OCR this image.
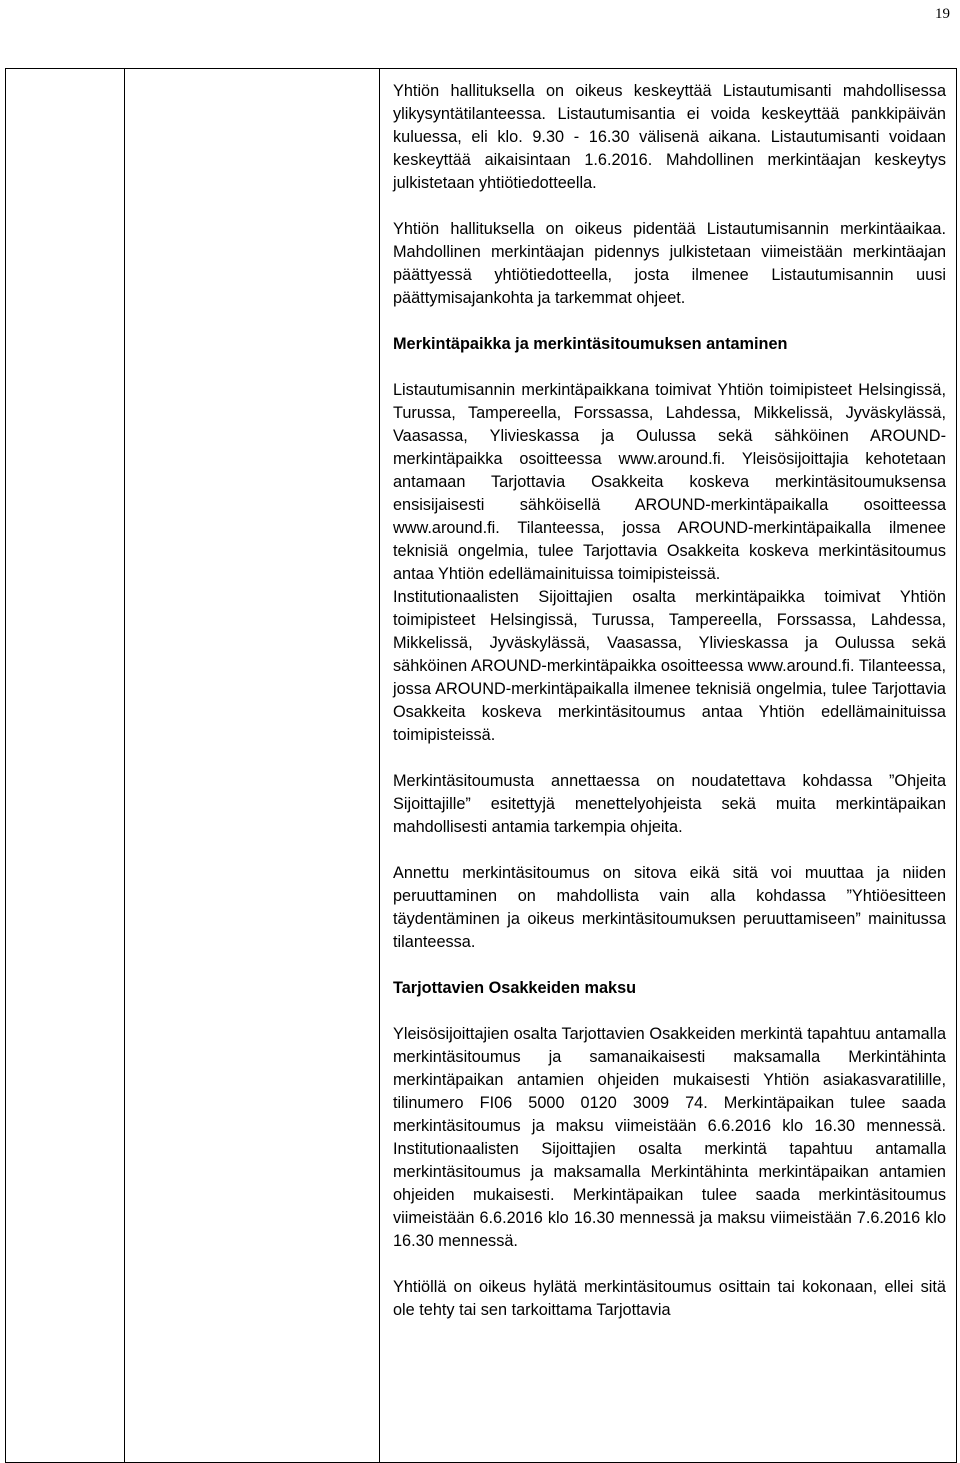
19

Yhtiön hallituksella on oikeus keskeyttää Listautumisanti mahdollisessa ylikysyntätilanteessa. Listautumisantia ei voida keskeyttää pankkipäivän kuluessa, eli klo. 9.30 - 16.30 välisenä aikana. Listautumisanti voidaan keskeyttää aikaisintaan 1.6.2016. Mahdollinen merkintäajan keskeytys julkistetaan yhtiötiedotteella.

Yhtiön hallituksella on oikeus pidentää Listautumisannin merkintäaikaa. Mahdollinen merkintäajan pidennys julkistetaan viimeistään merkintäajan päättyessä yhtiötiedotteella, josta ilmenee Listautumisannin uusi päättymisajankohta ja tarkemmat ohjeet.

Merkintäpaikka ja merkintäsitoumuksen antaminen

Listautumisannin merkintäpaikkana toimivat Yhtiön toimipisteet Helsingissä, Turussa, Tampereella, Forssassa, Lahdessa, Mikkelissä, Jyväskylässä, Vaasassa, Ylivieskassa ja Oulussa sekä sähköinen AROUND-merkintäpaikka osoitteessa www.around.fi. Yleisösijoittajia kehotetaan antamaan Tarjottavia Osakkeita koskeva merkintäsitoumuksensa ensisijaisesti sähköisellä AROUND-merkintäpaikalla osoitteessa www.around.fi. Tilanteessa, jossa AROUND-merkintäpaikalla ilmenee teknisiä ongelmia, tulee Tarjottavia Osakkeita koskeva merkintäsitoumus antaa Yhtiön edellämainituissa toimipisteissä.

Institutionaalisten Sijoittajien osalta merkintäpaikka toimivat Yhtiön toimipisteet Helsingissä, Turussa, Tampereella, Forssassa, Lahdessa, Mikkelissä, Jyväskylässä, Vaasassa, Ylivieskassa ja Oulussa sekä sähköinen AROUND-merkintäpaikka osoitteessa www.around.fi. Tilanteessa, jossa AROUND-merkintäpaikalla ilmenee teknisiä ongelmia, tulee Tarjottavia Osakkeita koskeva merkintäsitoumus antaa Yhtiön edellämainituissa toimipisteissä.

Merkintäsitoumusta annettaessa on noudatettava kohdassa ”Ohjeita Sijoittajille” esitettyjä menettelyohjeista sekä muita merkintäpaikan mahdollisesti antamia tarkempia ohjeita.

Annettu merkintäsitoumus on sitova eikä sitä voi muuttaa ja niiden peruuttaminen on mahdollista vain alla kohdassa ”Yhtiöesitteen täydentäminen ja oikeus merkintäsitoumuksen peruuttamiseen” mainitussa tilanteessa.

Tarjottavien Osakkeiden maksu

Yleisösijoittajien osalta Tarjottavien Osakkeiden merkintä tapahtuu antamalla merkintäsitoumus ja samanaikaisesti maksamalla Merkintähinta merkintäpaikan antamien ohjeiden mukaisesti Yhtiön asiakasvaratilille, tilinumero FI06 5000 0120 3009 74. Merkintäpaikan tulee saada merkintäsitoumus ja maksu viimeistään 6.6.2016 klo 16.30 mennessä. Institutionaalisten Sijoittajien osalta merkintä tapahtuu antamalla merkintäsitoumus ja maksamalla Merkintähinta merkintäpaikan antamien ohjeiden mukaisesti. Merkintäpaikan tulee saada merkintäsitoumus viimeistään 6.6.2016 klo 16.30 mennessä ja maksu viimeistään 7.6.2016 klo 16.30 mennessä.

Yhtiöllä on oikeus hylätä merkintäsitoumus osittain tai kokonaan, ellei sitä ole tehty tai sen tarkoittama Tarjottavia
